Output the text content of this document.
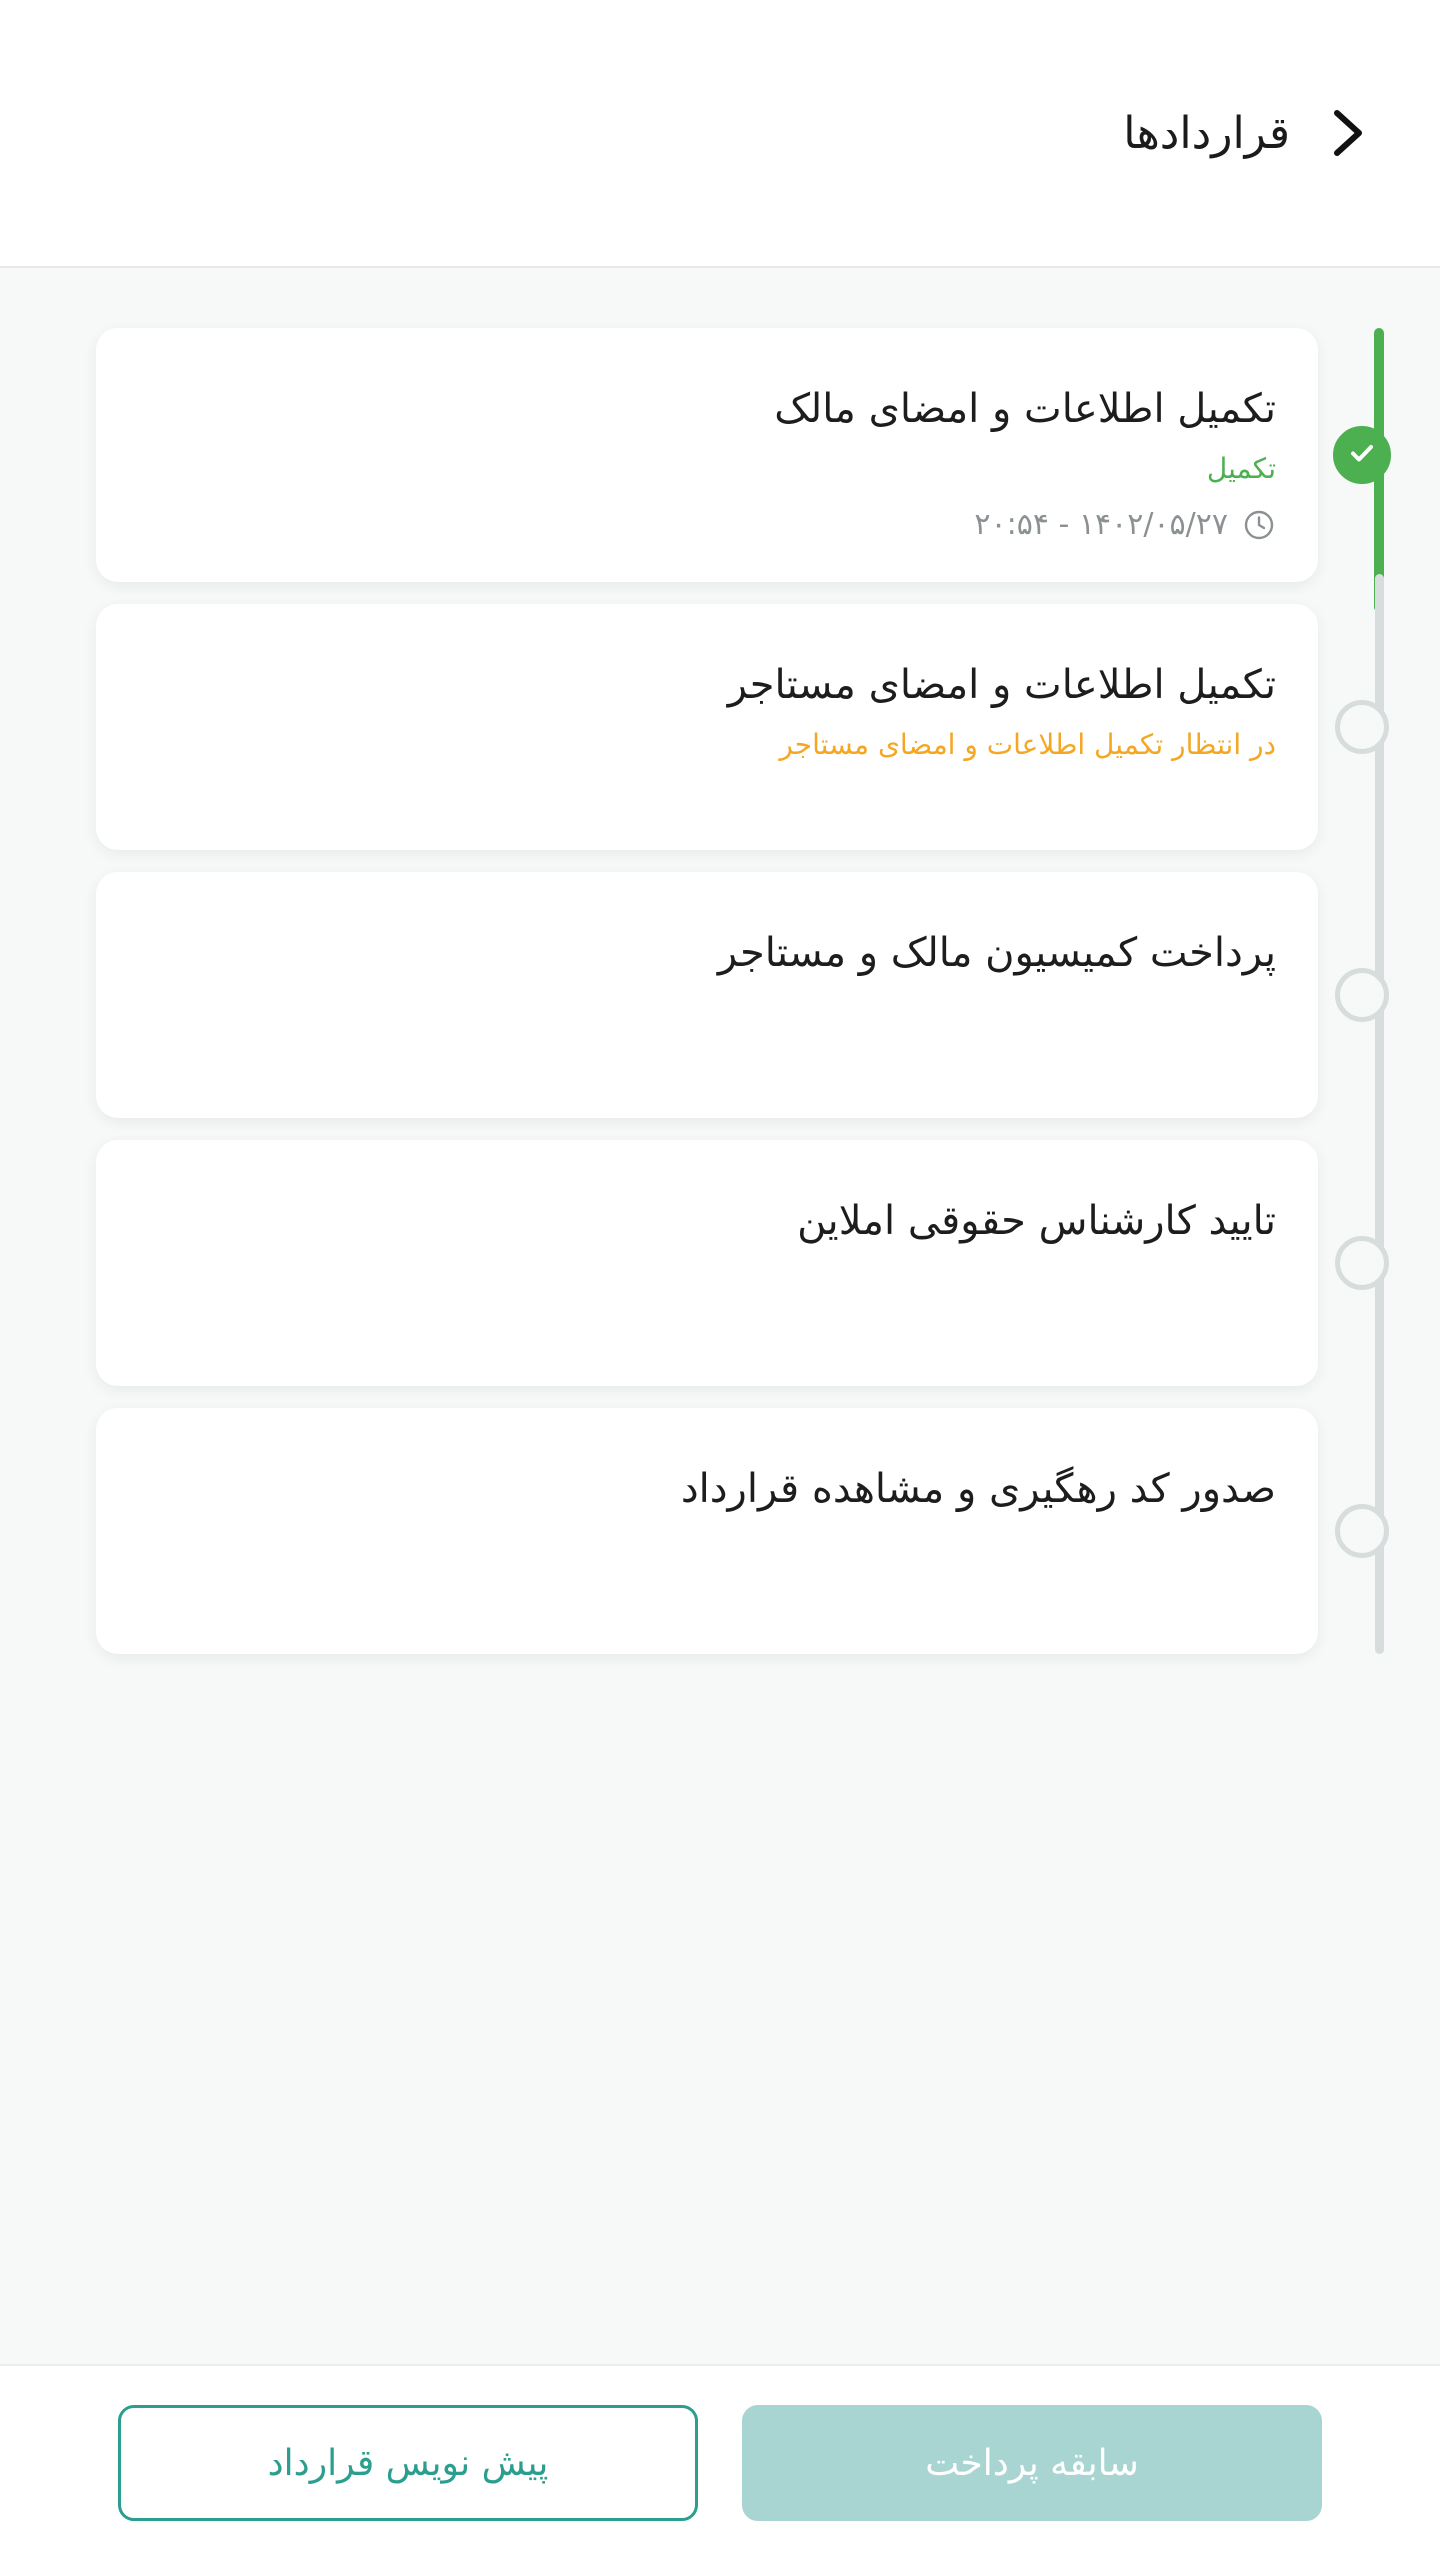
قراردادها
تکمیل اطلاعات و امضای مالک
تکمیل
۱۴۰۲/۰۵/۲۷ - ۲۰:۵۴
تکمیل اطلاعات و امضای مستاجر
در انتظار تکمیل اطلاعات و امضای مستاجر
پرداخت کمیسیون مالک و مستاجر
تایید کارشناس حقوقی املاین
صدور کد رهگیری و مشاهده قرارداد
پیش نویس قرارداد	سابقه پرداخت
